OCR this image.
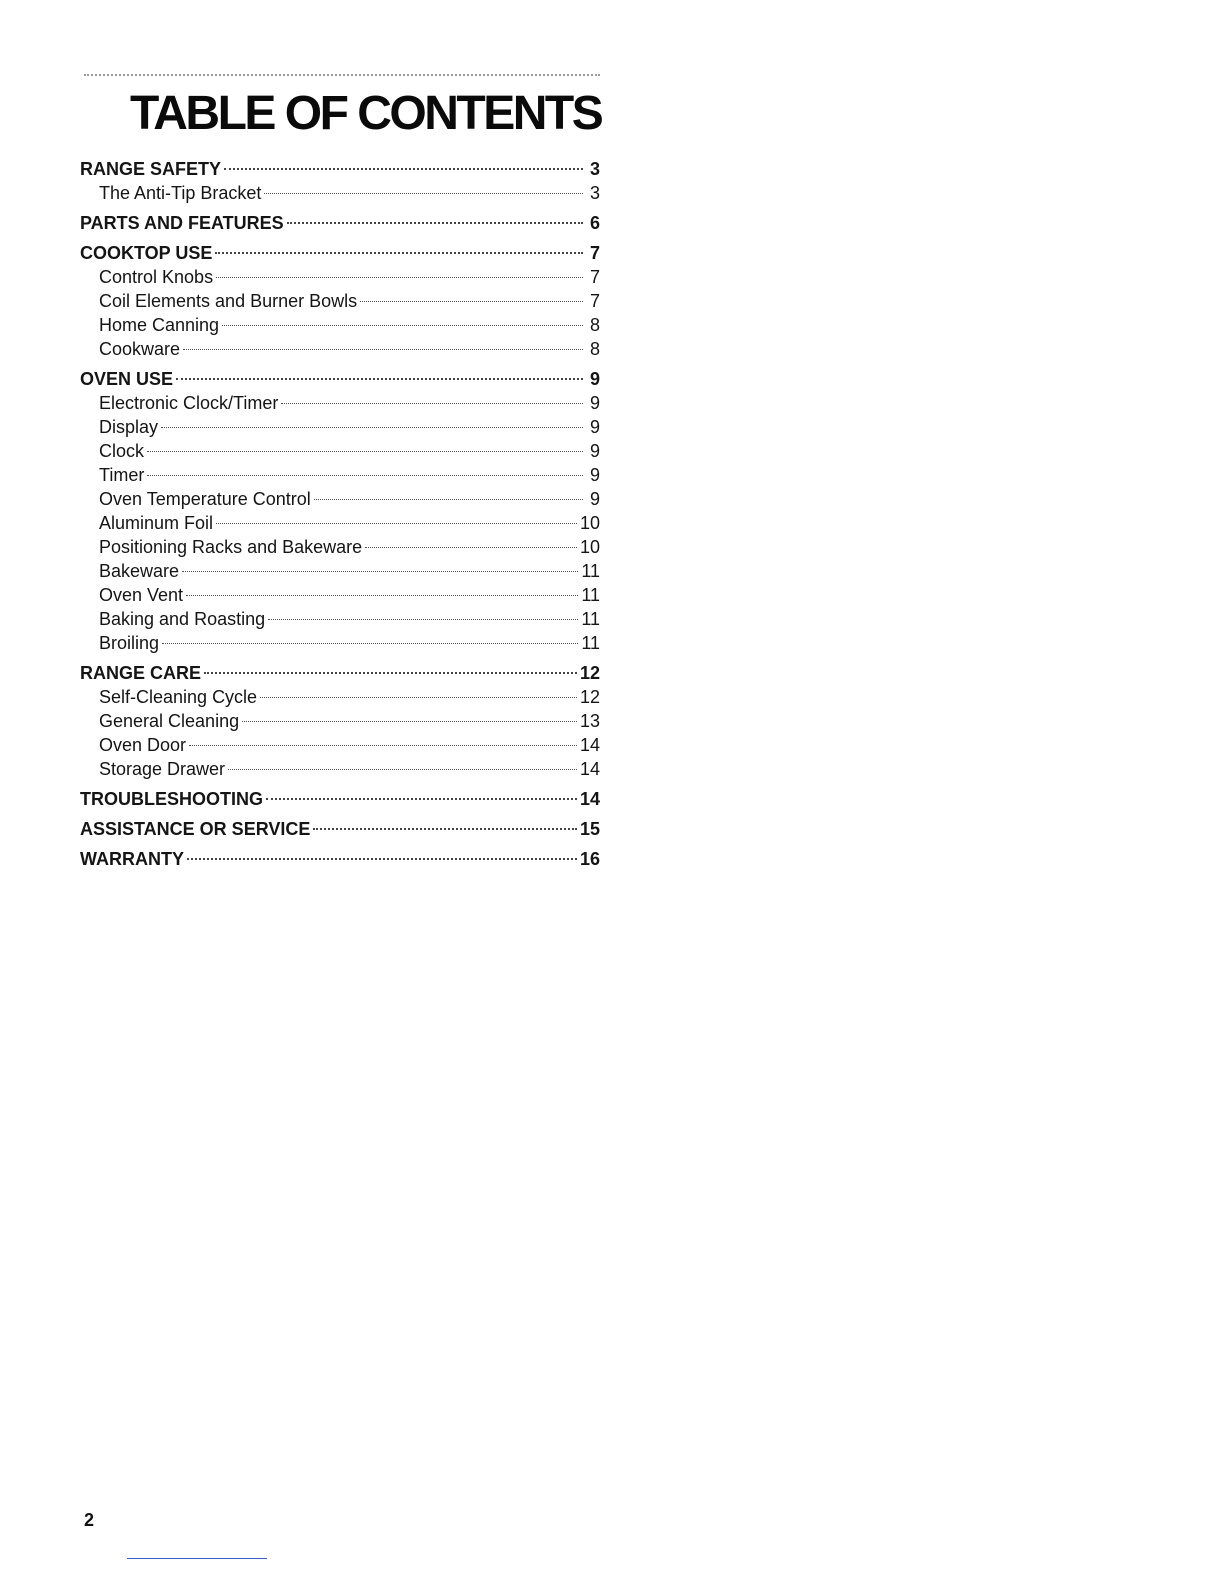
TABLE OF CONTENTS
RANGE SAFETY	3
The Anti-Tip Bracket	3
PARTS AND FEATURES	6
COOKTOP USE	7
Control Knobs	7
Coil Elements and Burner Bowls	7
Home Canning	8
Cookware	8
OVEN USE	9
Electronic Clock/Timer	9
Display	9
Clock	9
Timer	9
Oven Temperature Control	9
Aluminum Foil	10
Positioning Racks and Bakeware	10
Bakeware	11
Oven Vent	11
Baking and Roasting	11
Broiling	11
RANGE CARE	12
Self-Cleaning Cycle	12
General Cleaning	13
Oven Door	14
Storage Drawer	14
TROUBLESHOOTING	14
ASSISTANCE OR SERVICE	15
WARRANTY	16
2
